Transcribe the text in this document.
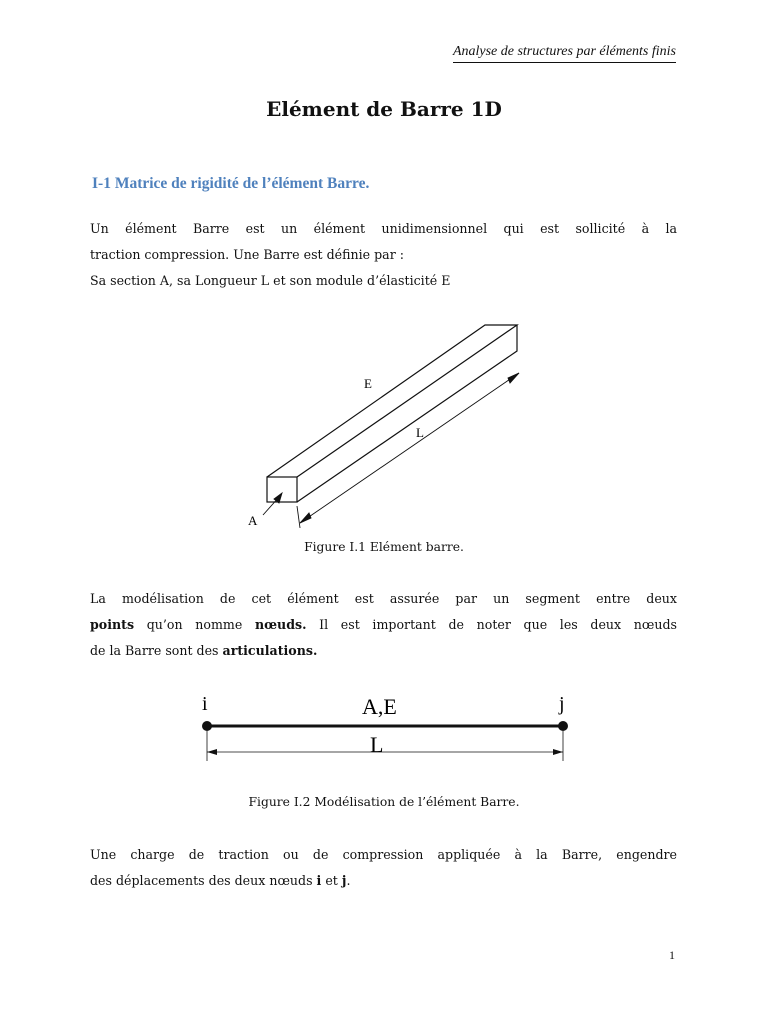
Analyse de structures par éléments finis
Elément de Barre 1D
I-1 Matrice de rigidité de l’élément Barre.
Un élément Barre est un élément unidimensionnel qui est sollicité à la
traction compression. Une Barre est définie par :
Sa section A, sa Longueur L et son module d’élasticité E
E
L
A
Figure I.1 Elément barre.
La modélisation de cet élément est assurée par un segment entre deux
points qu’on nomme nœuds. Il est important de noter que les deux nœuds
de la Barre sont des articulations.
i	j
A,E
L
Figure I.2 Modélisation de l’élément Barre.
Une charge de traction ou de compression appliquée à la Barre, engendre
des déplacements des deux nœuds i et j.
1
